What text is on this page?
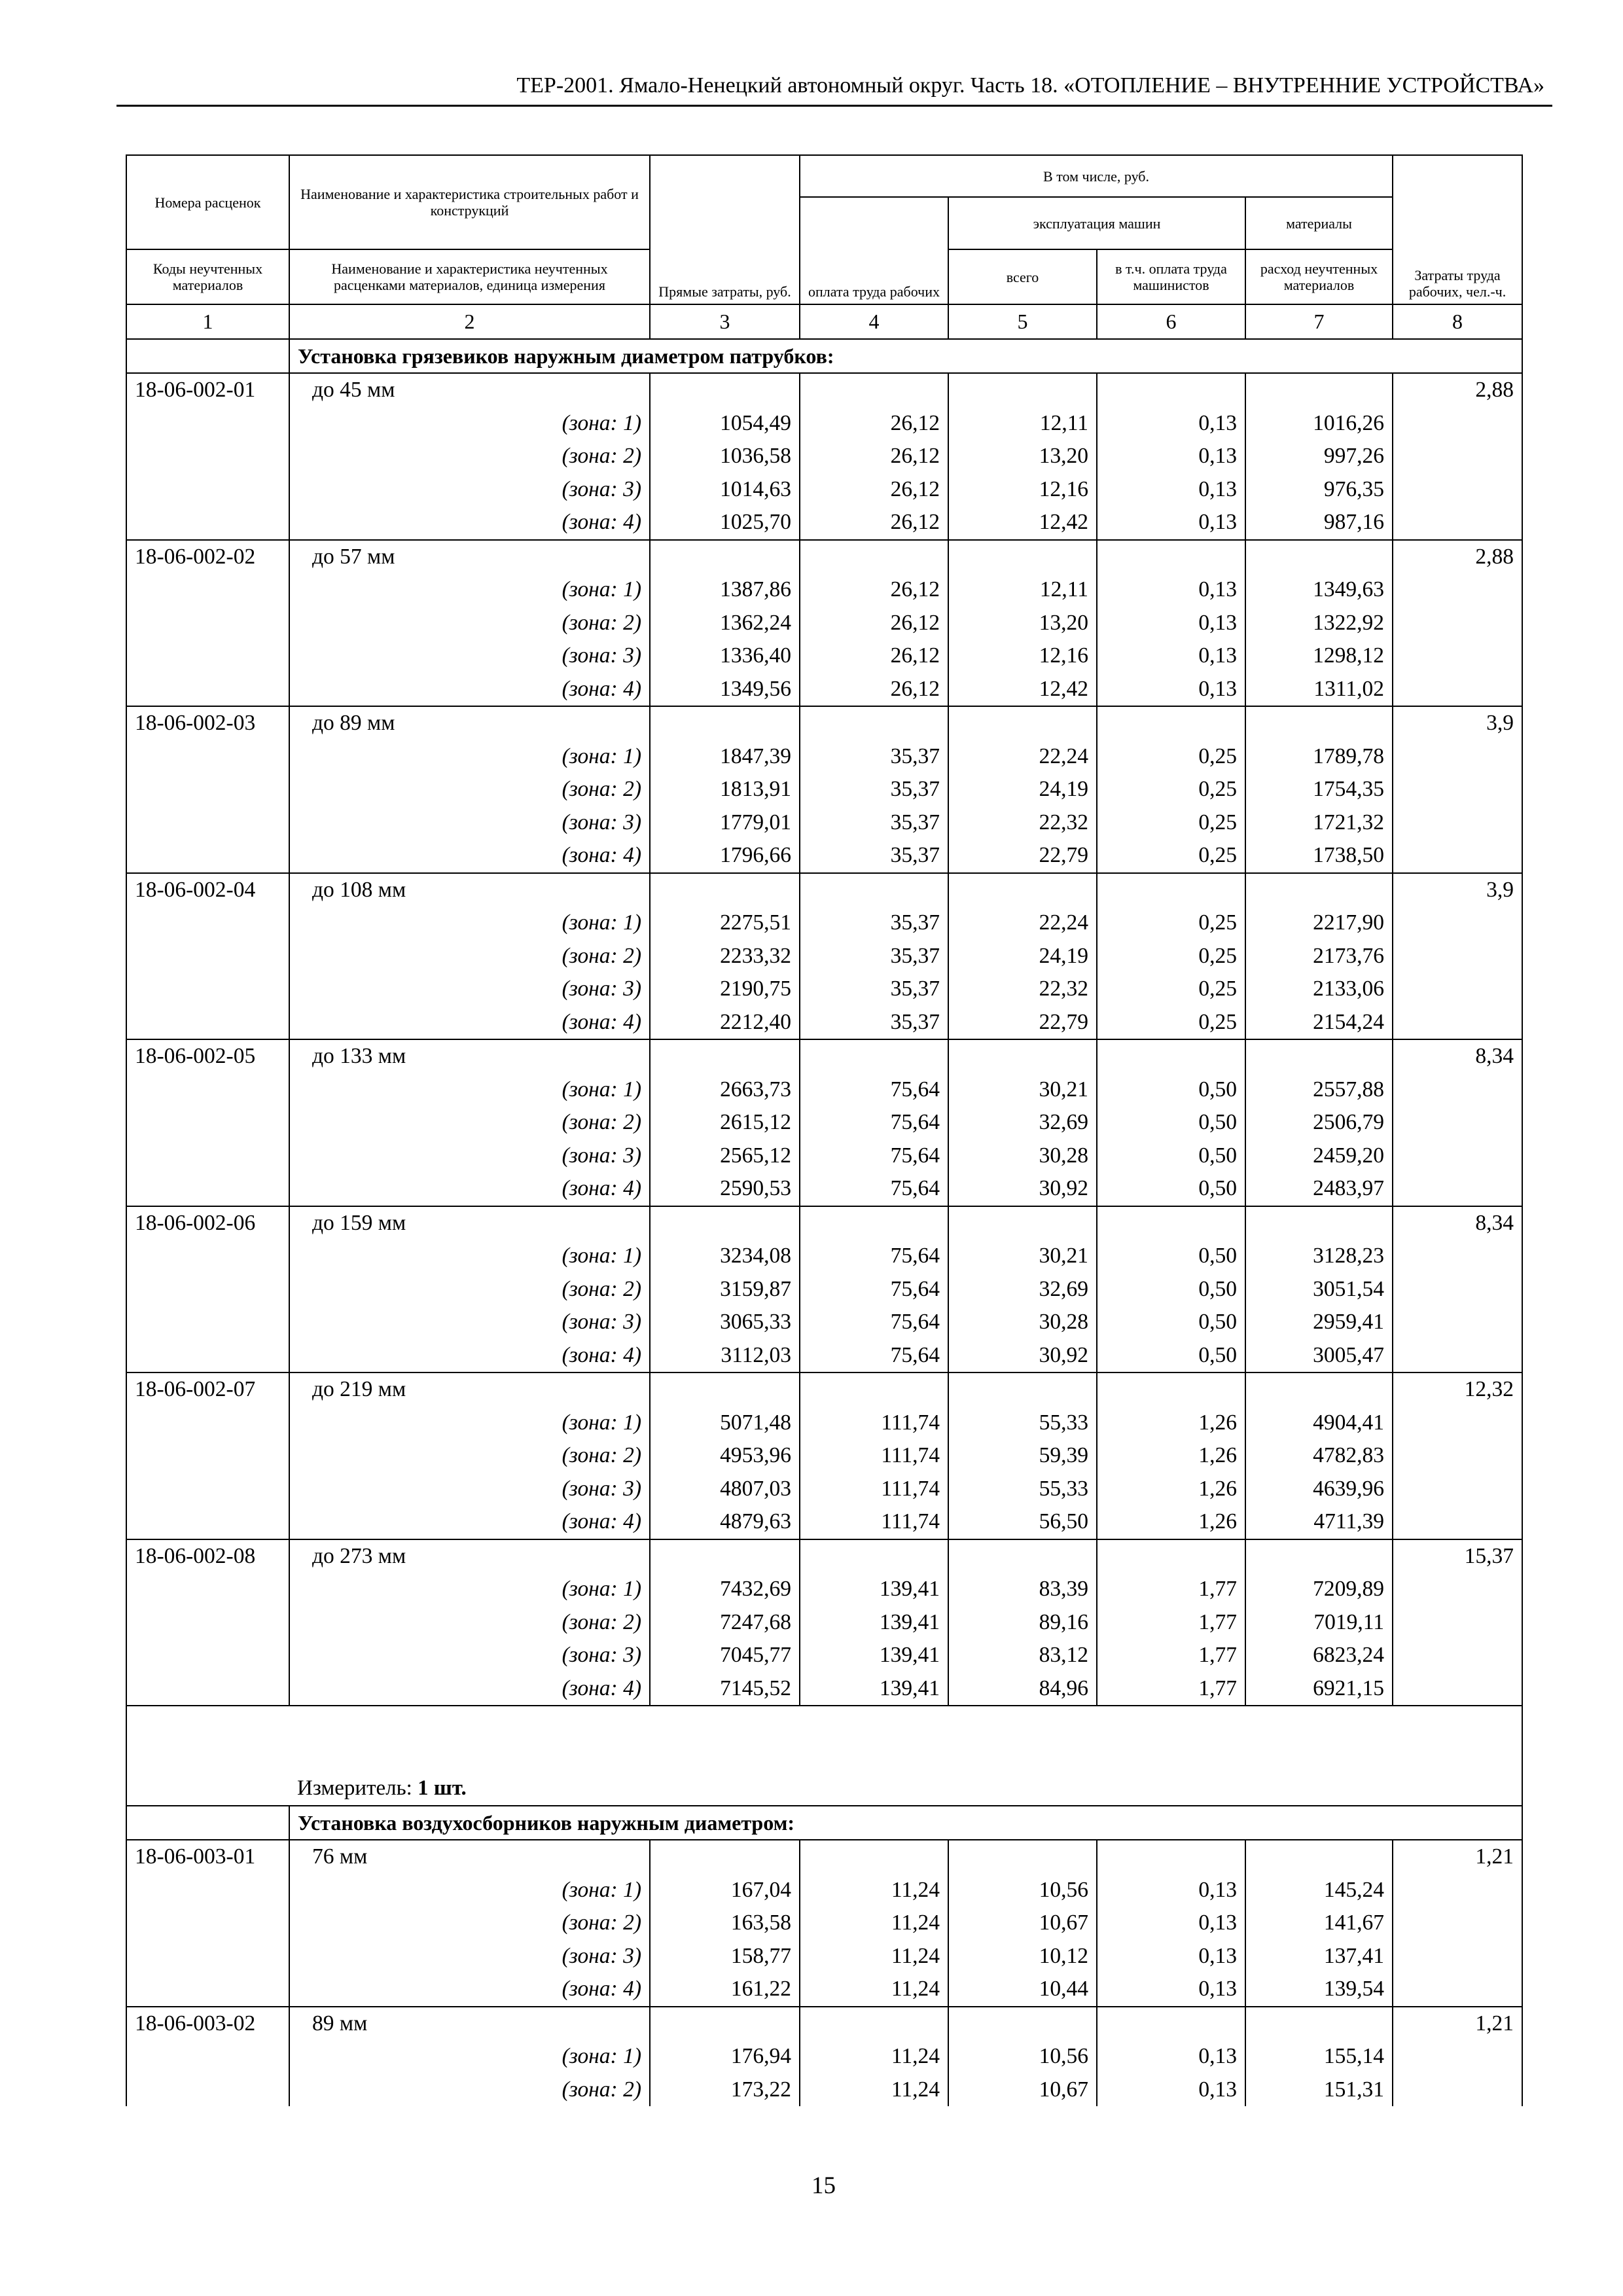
ТЕР-2001. Ямало-Ненецкий автономный округ. Часть 18. «ОТОПЛЕНИЕ – ВНУТРЕННИЕ УСТРОЙСТВА»
Номера расценок	Наименование и характеристика строительных работ и конструкций	Прямые затраты, руб.	В том числе, руб.				Затраты труда рабочих, чел.-ч.
			оплата труда рабочих	эксплуатация машин		материалы	
Коды неучтенных материалов	Наименование и характеристика неучтенных расценками материалов, единица измерения			всего	в т.ч. оплата труда машинистов	расход неучтенных материалов	
1	2	3	4	5	6	7	8
	Установка грязевиков наружным диаметром патрубков:						
18-06-002-01	до 45 мм						2,88
	(зона: 1)	1054,49	26,12	12,11	0,13	1016,26	
	(зона: 2)	1036,58	26,12	13,20	0,13	997,26	
	(зона: 3)	1014,63	26,12	12,16	0,13	976,35	
	(зона: 4)	1025,70	26,12	12,42	0,13	987,16	
18-06-002-02	до 57 мм						2,88
	(зона: 1)	1387,86	26,12	12,11	0,13	1349,63	
	(зона: 2)	1362,24	26,12	13,20	0,13	1322,92	
	(зона: 3)	1336,40	26,12	12,16	0,13	1298,12	
	(зона: 4)	1349,56	26,12	12,42	0,13	1311,02	
18-06-002-03	до 89 мм						3,9
	(зона: 1)	1847,39	35,37	22,24	0,25	1789,78	
	(зона: 2)	1813,91	35,37	24,19	0,25	1754,35	
	(зона: 3)	1779,01	35,37	22,32	0,25	1721,32	
	(зона: 4)	1796,66	35,37	22,79	0,25	1738,50	
18-06-002-04	до 108 мм						3,9
	(зона: 1)	2275,51	35,37	22,24	0,25	2217,90	
	(зона: 2)	2233,32	35,37	24,19	0,25	2173,76	
	(зона: 3)	2190,75	35,37	22,32	0,25	2133,06	
	(зона: 4)	2212,40	35,37	22,79	0,25	2154,24	
18-06-002-05	до 133 мм						8,34
	(зона: 1)	2663,73	75,64	30,21	0,50	2557,88	
	(зона: 2)	2615,12	75,64	32,69	0,50	2506,79	
	(зона: 3)	2565,12	75,64	30,28	0,50	2459,20	
	(зона: 4)	2590,53	75,64	30,92	0,50	2483,97	
18-06-002-06	до 159 мм						8,34
	(зона: 1)	3234,08	75,64	30,21	0,50	3128,23	
	(зона: 2)	3159,87	75,64	32,69	0,50	3051,54	
	(зона: 3)	3065,33	75,64	30,28	0,50	2959,41	
	(зона: 4)	3112,03	75,64	30,92	0,50	3005,47	
18-06-002-07	до 219 мм						12,32
	(зона: 1)	5071,48	111,74	55,33	1,26	4904,41	
	(зона: 2)	4953,96	111,74	59,39	1,26	4782,83	
	(зона: 3)	4807,03	111,74	55,33	1,26	4639,96	
	(зона: 4)	4879,63	111,74	56,50	1,26	4711,39	
18-06-002-08	до 273 мм						15,37
	(зона: 1)	7432,69	139,41	83,39	1,77	7209,89	
	(зона: 2)	7247,68	139,41	89,16	1,77	7019,11	
	(зона: 3)	7045,77	139,41	83,12	1,77	6823,24	
	(зона: 4)	7145,52	139,41	84,96	1,77	6921,15	

	Измеритель: 1 шт.						
	Установка воздухосборников наружным диаметром:						
18-06-003-01	76 мм						1,21
	(зона: 1)	167,04	11,24	10,56	0,13	145,24	
	(зона: 2)	163,58	11,24	10,67	0,13	141,67	
	(зона: 3)	158,77	11,24	10,12	0,13	137,41	
	(зона: 4)	161,22	11,24	10,44	0,13	139,54	
18-06-003-02	89 мм						1,21
	(зона: 1)	176,94	11,24	10,56	0,13	155,14	
	(зона: 2)	173,22	11,24	10,67	0,13	151,31	
15
